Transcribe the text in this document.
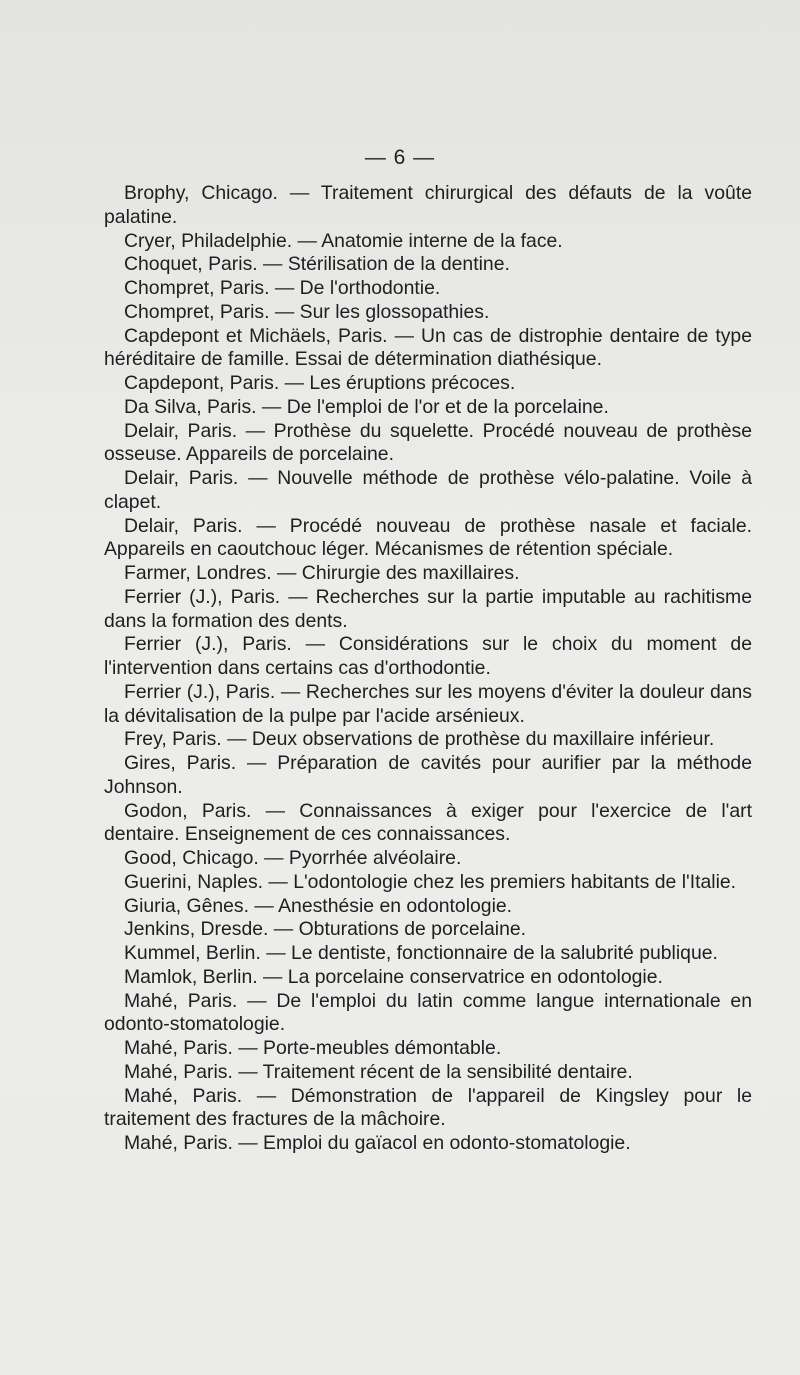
— 6 —

Brophy, Chicago. — Traitement chirurgical des défauts de la voûte palatine.

Cryer, Philadelphie. — Anatomie interne de la face.

Choquet, Paris. — Stérilisation de la dentine.

Chompret, Paris. — De l'orthodontie.

Chompret, Paris. — Sur les glossopathies.

Capdepont et Michäels, Paris. — Un cas de distrophie dentaire de type héréditaire de famille. Essai de détermination diathésique.

Capdepont, Paris. — Les éruptions précoces.

Da Silva, Paris. — De l'emploi de l'or et de la porcelaine.

Delair, Paris. — Prothèse du squelette. Procédé nouveau de prothèse osseuse. Appareils de porcelaine.

Delair, Paris. — Nouvelle méthode de prothèse vélo-palatine. Voile à clapet.

Delair, Paris. — Procédé nouveau de prothèse nasale et faciale. Appareils en caoutchouc léger. Mécanismes de rétention spéciale.

Farmer, Londres. — Chirurgie des maxillaires.

Ferrier (J.), Paris. — Recherches sur la partie imputable au rachitisme dans la formation des dents.

Ferrier (J.), Paris. — Considérations sur le choix du moment de l'intervention dans certains cas d'orthodontie.

Ferrier (J.), Paris. — Recherches sur les moyens d'éviter la douleur dans la dévitalisation de la pulpe par l'acide arsénieux.

Frey, Paris. — Deux observations de prothèse du maxillaire inférieur.

Gires, Paris. — Préparation de cavités pour aurifier par la méthode Johnson.

Godon, Paris. — Connaissances à exiger pour l'exercice de l'art dentaire. Enseignement de ces connaissances.

Good, Chicago. — Pyorrhée alvéolaire.

Guerini, Naples. — L'odontologie chez les premiers habitants de l'Italie.

Giuria, Gênes. — Anesthésie en odontologie.

Jenkins, Dresde. — Obturations de porcelaine.

Kummel, Berlin. — Le dentiste, fonctionnaire de la salubrité publique.

Mamlok, Berlin. — La porcelaine conservatrice en odontologie.

Mahé, Paris. — De l'emploi du latin comme langue internationale en odonto-stomatologie.

Mahé, Paris. — Porte-meubles démontable.

Mahé, Paris. — Traitement récent de la sensibilité dentaire.

Mahé, Paris. — Démonstration de l'appareil de Kingsley pour le traitement des fractures de la mâchoire.

Mahé, Paris. — Emploi du gaïacol en odonto-stomatologie.
